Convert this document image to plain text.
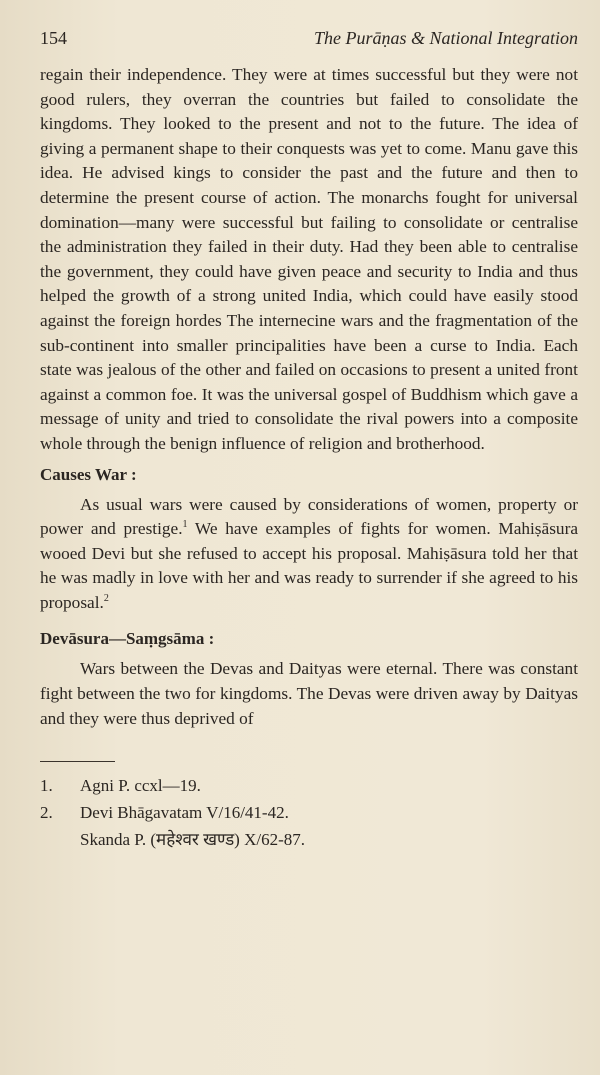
154	The Purāṇas & National Integration

regain their independence. They were at times successful but they were not good rulers, they overran the countries but failed to consolidate the kingdoms. They looked to the present and not to the future. The idea of giving a permanent shape to their conquests was yet to come. Manu gave this idea. He advised kings to consider the past and the future and then to determine the present course of action. The monarchs fought for universal domination—many were successful but failing to consolidate or centralise the administration they failed in their duty. Had they been able to centralise the government, they could have given peace and security to India and thus helped the growth of a strong united India, which could have easily stood against the foreign hordes The internecine wars and the fragmentation of the sub-continent into smaller principalities have been a curse to India. Each state was jealous of the other and failed on occasions to present a united front against a common foe. It was the universal gospel of Buddhism which gave a message of unity and tried to consolidate the rival powers into a composite whole through the benign influence of religion and brotherhood.

Causes War :

As usual wars were caused by considerations of women, property or power and prestige.$^1$ We have examples of fights for women. Mahiṣāsura wooed Devi but she refused to accept his proposal. Mahiṣāsura told her that he was madly in love with her and was ready to surrender if she agreed to his proposal.$^2$

Devāsura—Saṃgsāma :

Wars between the Devas and Daityas were eternal. There was constant fight between the two for kingdoms. The Devas were driven away by Daityas and they were thus deprived of

1.	Agni P. ccxl—19.
2.	Devi Bhāgavatam V/16/41-42.
Skanda P. (महेश्वर खण्ड) X/62-87.
